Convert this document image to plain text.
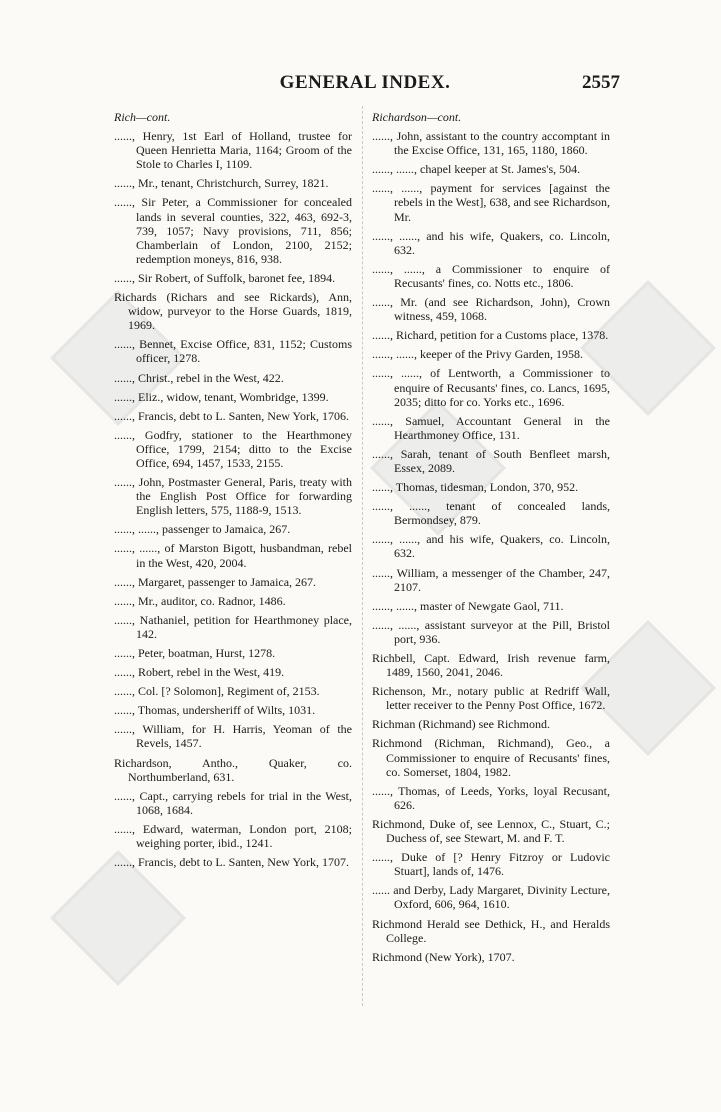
GENERAL INDEX.	2557

Rich—cont.

......, Henry, 1st Earl of Holland, trustee for Queen Henrietta Maria, 1164; Groom of the Stole to Charles I, 1109.

......, Mr., tenant, Christchurch, Surrey, 1821.

......, Sir Peter, a Commissioner for concealed lands in several counties, 322, 463, 692-3, 739, 1057; Navy provisions, 711, 856; Chamberlain of London, 2100, 2152; redemption moneys, 816, 938.

......, Sir Robert, of Suffolk, baronet fee, 1894.

Richards (Richars and see Rickards), Ann, widow, purveyor to the Horse Guards, 1819, 1969.

......, Bennet, Excise Office, 831, 1152; Customs officer, 1278.

......, Christ., rebel in the West, 422.

......, Eliz., widow, tenant, Wombridge, 1399.

......, Francis, debt to L. Santen, New York, 1706.

......, Godfry, stationer to the Hearthmoney Office, 1799, 2154; ditto to the Excise Office, 694, 1457, 1533, 2155.

......, John, Postmaster General, Paris, treaty with the English Post Office for forwarding English letters, 575, 1188-9, 1513.

......, ......, passenger to Jamaica, 267.

......, ......, of Marston Bigott, husbandman, rebel in the West, 420, 2004.

......, Margaret, passenger to Jamaica, 267.

......, Mr., auditor, co. Radnor, 1486.

......, Nathaniel, petition for Hearthmoney place, 142.

......, Peter, boatman, Hurst, 1278.

......, Robert, rebel in the West, 419.

......, Col. [? Solomon], Regiment of, 2153.

......, Thomas, undersheriff of Wilts, 1031.

......, William, for H. Harris, Yeoman of the Revels, 1457.

Richardson, Antho., Quaker, co. Northumberland, 631.

......, Capt., carrying rebels for trial in the West, 1068, 1684.

......, Edward, waterman, London port, 2108; weighing porter, ibid., 1241.

......, Francis, debt to L. Santen, New York, 1707.

Richardson—cont.

......, John, assistant to the country accomptant in the Excise Office, 131, 165, 1180, 1860.

......, ......, chapel keeper at St. James's, 504.

......, ......, payment for services [against the rebels in the West], 638, and see Richardson, Mr.

......, ......, and his wife, Quakers, co. Lincoln, 632.

......, ......, a Commissioner to enquire of Recusants' fines, co. Notts etc., 1806.

......, Mr. (and see Richardson, John), Crown witness, 459, 1068.

......, Richard, petition for a Customs place, 1378.

......, ......, keeper of the Privy Garden, 1958.

......, ......, of Lentworth, a Commissioner to enquire of Recusants' fines, co. Lancs, 1695, 2035; ditto for co. Yorks etc., 1696.

......, Samuel, Accountant General in the Hearthmoney Office, 131.

......, Sarah, tenant of South Benfleet marsh, Essex, 2089.

......, Thomas, tidesman, London, 370, 952.

......, ......, tenant of concealed lands, Bermondsey, 879.

......, ......, and his wife, Quakers, co. Lincoln, 632.

......, William, a messenger of the Chamber, 247, 2107.

......, ......, master of Newgate Gaol, 711.

......, ......, assistant surveyor at the Pill, Bristol port, 936.

Richbell, Capt. Edward, Irish revenue farm, 1489, 1560, 2041, 2046.

Richenson, Mr., notary public at Redriff Wall, letter receiver to the Penny Post Office, 1672.

Richman (Richmand) see Richmond.

Richmond (Richman, Richmand), Geo., a Commissioner to enquire of Recusants' fines, co. Somerset, 1804, 1982.

......, Thomas, of Leeds, Yorks, loyal Recusant, 626.

Richmond, Duke of, see Lennox, C., Stuart, C.; Duchess of, see Stewart, M. and F. T.

......, Duke of [? Henry Fitzroy or Ludovic Stuart], lands of, 1476.

...... and Derby, Lady Margaret, Divinity Lecture, Oxford, 606, 964, 1610.

Richmond Herald see Dethick, H., and Heralds College.

Richmond (New York), 1707.
